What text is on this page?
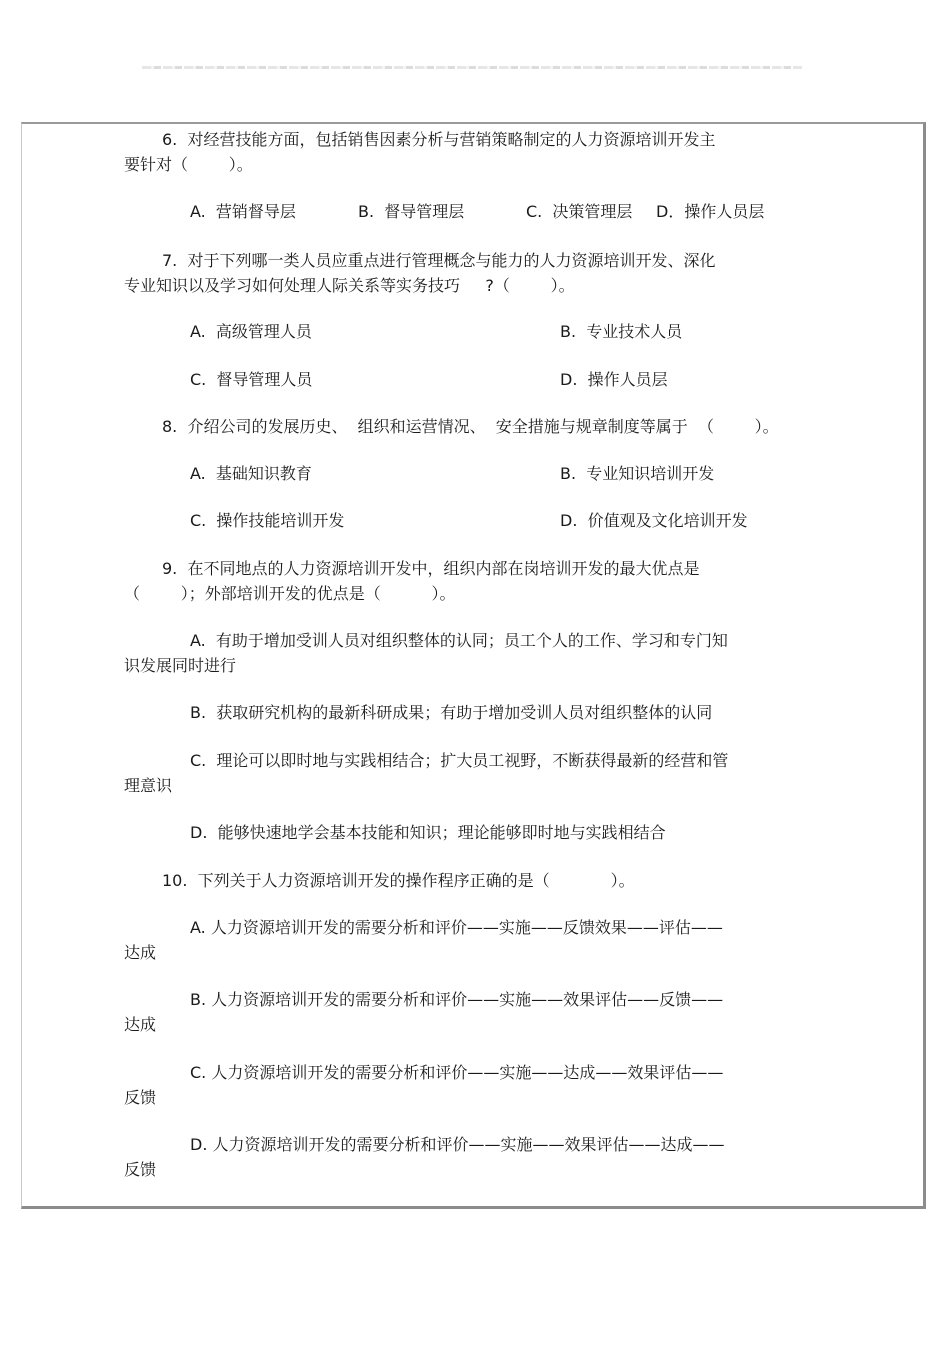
6.  对经营技能方面，包括销售因素分析与营销策略制定的人力资源培训开发主
要针对（        ）。
A.  营销督导层	B.  督导管理层	C.  决策管理层 D．操作人员层
7.  对于下列哪一类人员应重点进行管理概念与能力的人力资源培训开发、深化
专业知识以及学习如何处理人际关系等实务技巧     ?（        ）。
A.  高级管理人员	B.  专业技术人员
C.  督导管理人员	D.  操作人员层
8.  介绍公司的发展历史、  组织和运营情况、  安全措施与规章制度等属于  （        ）。
A.  基础知识教育	B.  专业知识培训开发
C.  操作技能培训开发	D.  价值观及文化培训开发
9.  在不同地点的人力资源培训开发中，组织内部在岗培训开发的最大优点是
（        ）；外部培训开发的优点是（          ）。
A.  有助于增加受训人员对组织整体的认同；员工个人的工作、学习和专门知
识发展同时进行
B.  获取研究机构的最新科研成果；有助于增加受训人员对组织整体的认同
C.  理论可以即时地与实践相结合；扩大员工视野，不断获得最新的经营和管
理意识
D.  能够快速地学会基本技能和知识；理论能够即时地与实践相结合
10.  下列关于人力资源培训开发的操作程序正确的是（            ）。
A. 人力资源培训开发的需要分析和评价——实施——反馈效果——评估——
达成
B. 人力资源培训开发的需要分析和评价——实施——效果评估——反馈——
达成
C. 人力资源培训开发的需要分析和评价——实施——达成——效果评估——
反馈
D. 人力资源培训开发的需要分析和评价——实施——效果评估——达成——
反馈
